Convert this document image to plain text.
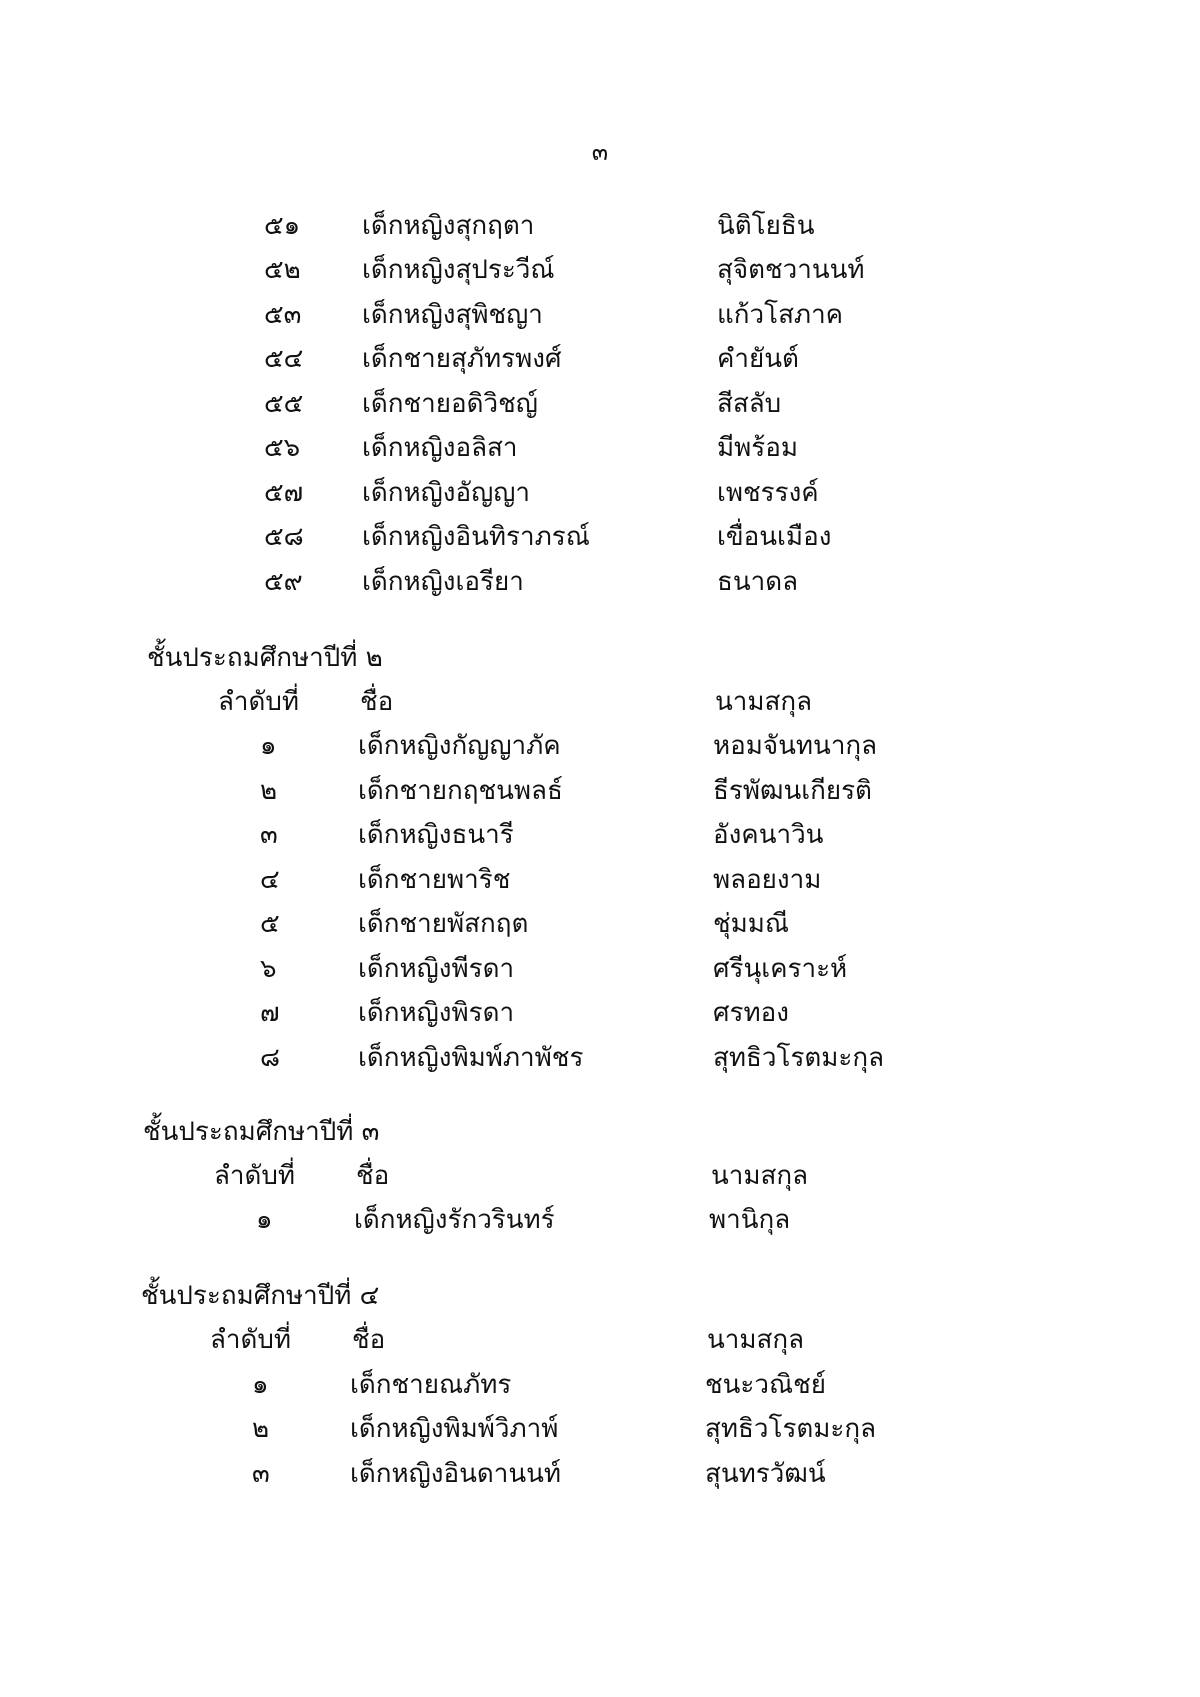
๓
๕๑ เด็กหญิงสุกฤตา	นิติโยธิน
๕๒ เด็กหญิงสุประวีณ์	สุจิตชวานนท์
๕๓ เด็กหญิงสุพิชญา	แก้วโสภาค
๕๔ เด็กชายสุภัทรพงศ์	คำยันต์
๕๕ เด็กชายอดิวิชญ์	สีสลับ
๕๖ เด็กหญิงอลิสา	มีพร้อม
๕๗ เด็กหญิงอัญญา	เพชรรงค์
๕๘ เด็กหญิงอินทิราภรณ์	เขื่อนเมือง
๕๙ เด็กหญิงเอรียา	ธนาดล
ชั้นประถมศึกษาปีที่ ๒
ลำดับที่ ชื่อ	นามสกุล
๑	เด็กหญิงกัญญาภัค	หอมจันทนากุล
๒	เด็กชายกฤชนพลธ์	ธีรพัฒนเกียรติ
๓	เด็กหญิงธนารี	อังคนาวิน
๔	เด็กชายพาริช	พลอยงาม
๕	เด็กชายพัสกฤต	ชุ่มมณี
๖	เด็กหญิงพีรดา	ศรีนุเคราะห์
๗	เด็กหญิงพิรดา	ศรทอง
๘	เด็กหญิงพิมพ์ภาพัชร	สุทธิวโรตมะกุล
ชั้นประถมศึกษาปีที่ ๓
ลำดับที่ ชื่อ	นามสกุล
๑	เด็กหญิงรักวรินทร์	พานิกุล
ชั้นประถมศึกษาปีที่ ๔
ลำดับที่ ชื่อ	นามสกุล
๑	เด็กชายณภัทร	ชนะวณิชย์
๒	เด็กหญิงพิมพ์วิภาพ์	สุทธิวโรตมะกุล
๓	เด็กหญิงอินดานนท์	สุนทรวัฒน์
